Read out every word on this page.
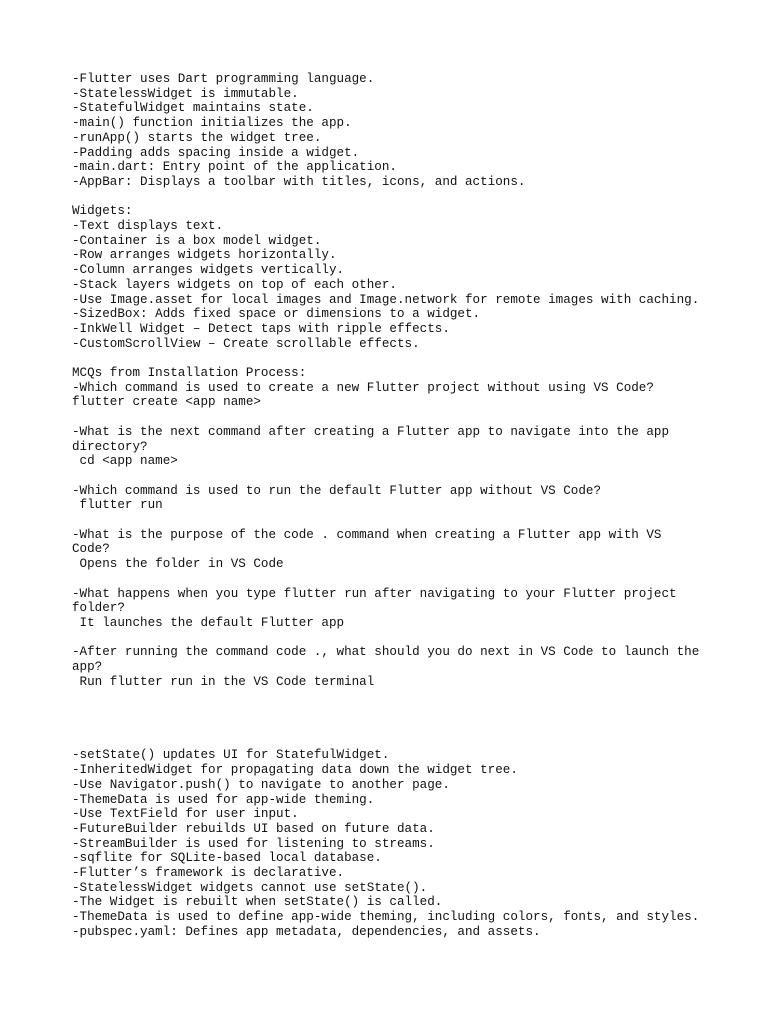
-Flutter uses Dart programming language.
-StatelessWidget is immutable.
-StatefulWidget maintains state.
-main() function initializes the app.
-runApp() starts the widget tree.
-Padding adds spacing inside a widget.
-main.dart: Entry point of the application.
-AppBar: Displays a toolbar with titles, icons, and actions.
Widgets:
-Text displays text.
-Container is a box model widget.
-Row arranges widgets horizontally.
-Column arranges widgets vertically.
-Stack layers widgets on top of each other.
-Use Image.asset for local images and Image.network for remote images with caching.
-SizedBox: Adds fixed space or dimensions to a widget.
-InkWell Widget – Detect taps with ripple effects.
-CustomScrollView – Create scrollable effects.
MCQs from Installation Process:
-Which command is used to create a new Flutter project without using VS Code?
flutter create <app name>
-What is the next command after creating a Flutter app to navigate into the app
directory?
cd <app name>
-Which command is used to run the default Flutter app without VS Code?
flutter run
-What is the purpose of the code . command when creating a Flutter app with VS
Code?
Opens the folder in VS Code
-What happens when you type flutter run after navigating to your Flutter project
folder?
It launches the default Flutter app
-After running the command code ., what should you do next in VS Code to launch the
app?
Run flutter run in the VS Code terminal
-setState() updates UI for StatefulWidget.
-InheritedWidget for propagating data down the widget tree.
-Use Navigator.push() to navigate to another page.
-ThemeData is used for app-wide theming.
-Use TextField for user input.
-FutureBuilder rebuilds UI based on future data.
-StreamBuilder is used for listening to streams.
-sqflite for SQLite-based local database.
-Flutter’s framework is declarative.
-StatelessWidget widgets cannot use setState().
-The Widget is rebuilt when setState() is called.
-ThemeData is used to define app-wide theming, including colors, fonts, and styles.
-pubspec.yaml: Defines app metadata, dependencies, and assets.
